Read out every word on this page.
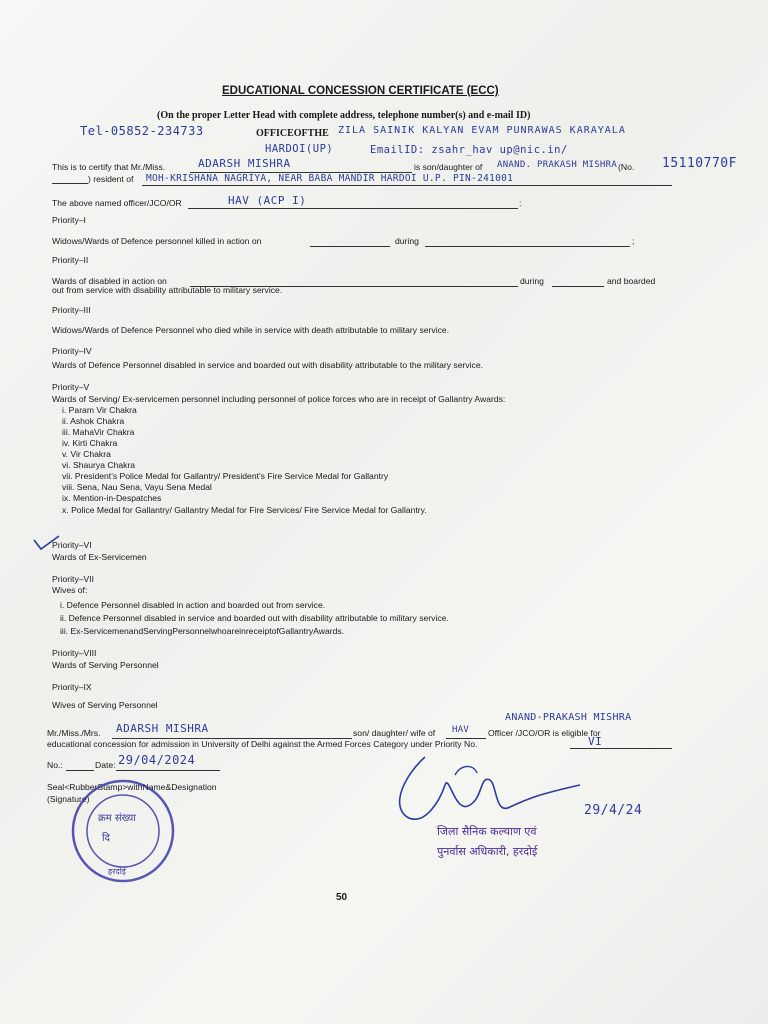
EDUCATIONAL CONCESSION CERTIFICATE (ECC)
(On the proper Letter Head with complete address, telephone number(s) and e-mail ID)
Tel-05852-234733	OFFICEOFTHE ZILA SAINIK KALYAN EVAM PUNRAWAS KARAYALA
HARDOI(UP)	EmailID: zsahr_hav up@nic.in/
This is to certify that Mr./Miss.	ADARSH MISHRA	is son/daughter of ANAND. PRAKASH MISHRA (No. 15110770F
) resident of MOH-KRISHANA NAGRIYA, NEAR BABA MANDIR HARDOI U.P. PIN-241001
The above named officer/JCO/OR	:
HAV (ACP I)
Priority–I
Widows/Wards of Defence personnel killed in action on	during	;
Priority–II
Wards of disabled in action on	during	and boarded
out from service with disability attributable to military service.
Priority–III
Widows/Wards of Defence Personnel who died while in service with death attributable to military service.
Priority–IV
Wards of Defence Personnel disabled in service and boarded out with disability attributable to the military service.
Priority–V
Wards of Serving/ Ex-servicemen personnel including personnel of police forces who are in receipt of Gallantry Awards:
i. Param Vir Chakra
ii. Ashok Chakra
iii. MahaVir Chakra
iv. Kirti Chakra
v. Vir Chakra
vi. Shaurya Chakra
vii. President's Police Medal for Gallantry/ President's Fire Service Medal for Gallantry
viii. Sena, Nau Sena, Vayu Sena Medal
ix. Mention-in-Despatches
x. Police Medal for Gallantry/ Gallantry Medal for Fire Services/ Fire Service Medal for Gallantry.
Priority–VI
Wards of Ex-Servicemen
Priority–VII
Wives of:
i. Defence Personnel disabled in action and boarded out from service.
ii. Defence Personnel disabled in service and boarded out with disability attributable to military service.
iii. Ex-ServicemenandServingPersonnelwhoareinreceiptofGallantryAwards.
Priority–VIII
Wards of Serving Personnel
Priority–IX
Wives of Serving Personnel
ANAND-PRAKASH MISHRA
Mr./Miss./Mrs. ADARSH MISHRA	son/ daughter/ wife of HAV Officer /JCO/OR is eligible for
educational concession for admission in University of Delhi against the Armed Forces Category under Priority No.	VI
No.:	Date: 29/04/2024
Seal<RubberStamp>withName&Designation
(Signature)
क्रम संख्या
दि
हरदोई
29/4/24
जिला सैनिक कल्याण एवं
पुनर्वास अधिकारी, हरदोई
50
